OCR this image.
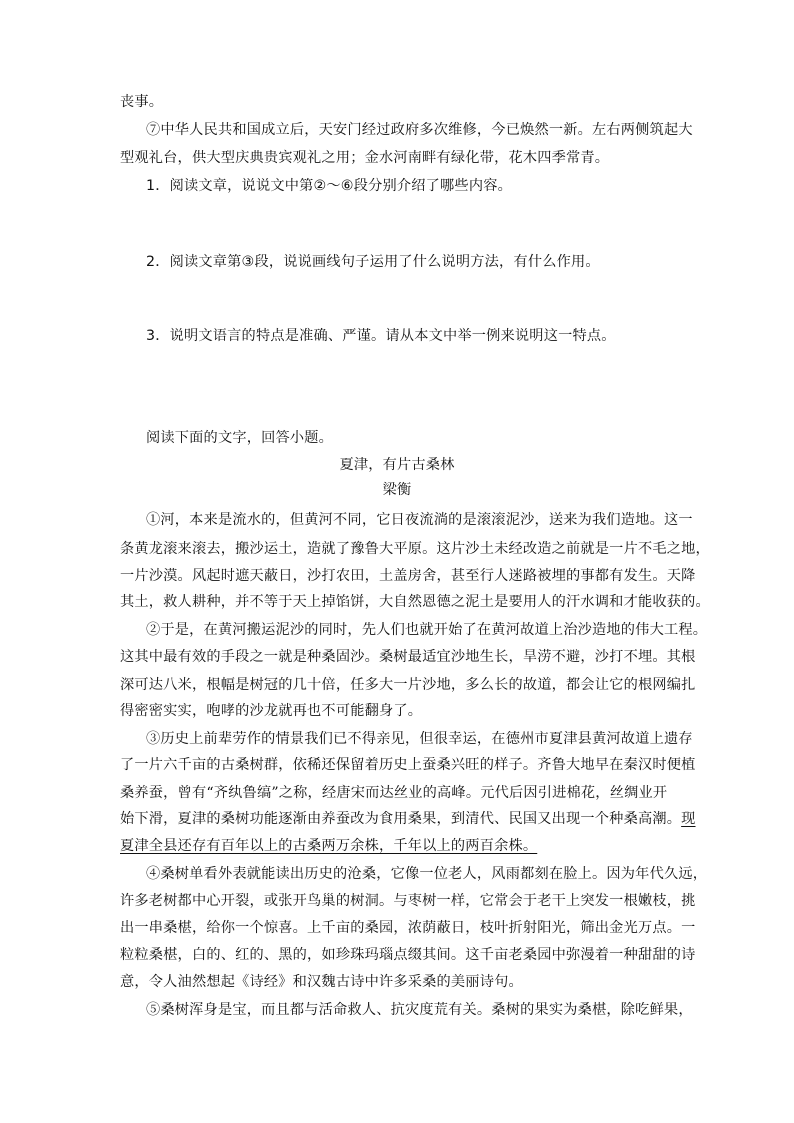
丧事。
⑦中华人民共和国成立后，天安门经过政府多次维修，今已焕然一新。左右两侧筑起大
型观礼台，供大型庆典贵宾观礼之用；金水河南畔有绿化带，花木四季常青。
1．阅读文章，说说文中第②～⑥段分别介绍了哪些内容。
2．阅读文章第③段，说说画线句子运用了什么说明方法，有什么作用。
3．说明文语言的特点是准确、严谨。请从本文中举一例来说明这一特点。
阅读下面的文字，回答小题。
夏津，有片古桑林
梁衡
①河，本来是流水的，但黄河不同，它日夜流淌的是滚滚泥沙，送来为我们造地。这一
条黄龙滚来滚去，搬沙运土，造就了豫鲁大平原。这片沙土未经改造之前就是一片不毛之地，
一片沙漠。风起时遮天蔽日，沙打农田，土盖房舍，甚至行人迷路被埋的事都有发生。天降
其土，救人耕种，并不等于天上掉馅饼，大自然恩德之泥土是要用人的汗水调和才能收获的。
②于是，在黄河搬运泥沙的同时，先人们也就开始了在黄河故道上治沙造地的伟大工程。
这其中最有效的手段之一就是种桑固沙。桑树最适宜沙地生长，旱涝不避，沙打不埋。其根
深可达八米，根幅是树冠的几十倍，任多大一片沙地，多么长的故道，都会让它的根网编扎
得密密实实，咆哮的沙龙就再也不可能翻身了。
③历史上前辈劳作的情景我们已不得亲见，但很幸运，在德州市夏津县黄河故道上遗存
了一片六千亩的古桑树群，依稀还保留着历史上蚕桑兴旺的样子。齐鲁大地早在秦汉时便植
桑养蚕，曾有“齐纨鲁缟”之称，经唐宋而达丝业的高峰。元代后因引进棉花，丝绸业开
始下滑，夏津的桑树功能逐渐由养蚕改为食用桑果，到清代、民国又出现一个种桑高潮。现
夏津全县还存有百年以上的古桑两万余株，千年以上的两百余株。
④桑树单看外表就能读出历史的沧桑，它像一位老人，风雨都刻在脸上。因为年代久远，
许多老树都中心开裂，或张开鸟巢的树洞。与枣树一样，它常会于老干上突发一根嫩枝，挑
出一串桑椹，给你一个惊喜。上千亩的桑园，浓荫蔽日，枝叶折射阳光，筛出金光万点。一
粒粒桑椹，白的、红的、黑的，如珍珠玛瑙点缀其间。这千亩老桑园中弥漫着一种甜甜的诗
意，令人油然想起《诗经》和汉魏古诗中许多采桑的美丽诗句。
⑤桑树浑身是宝，而且都与活命救人、抗灾度荒有关。桑树的果实为桑椹，除吃鲜果，
